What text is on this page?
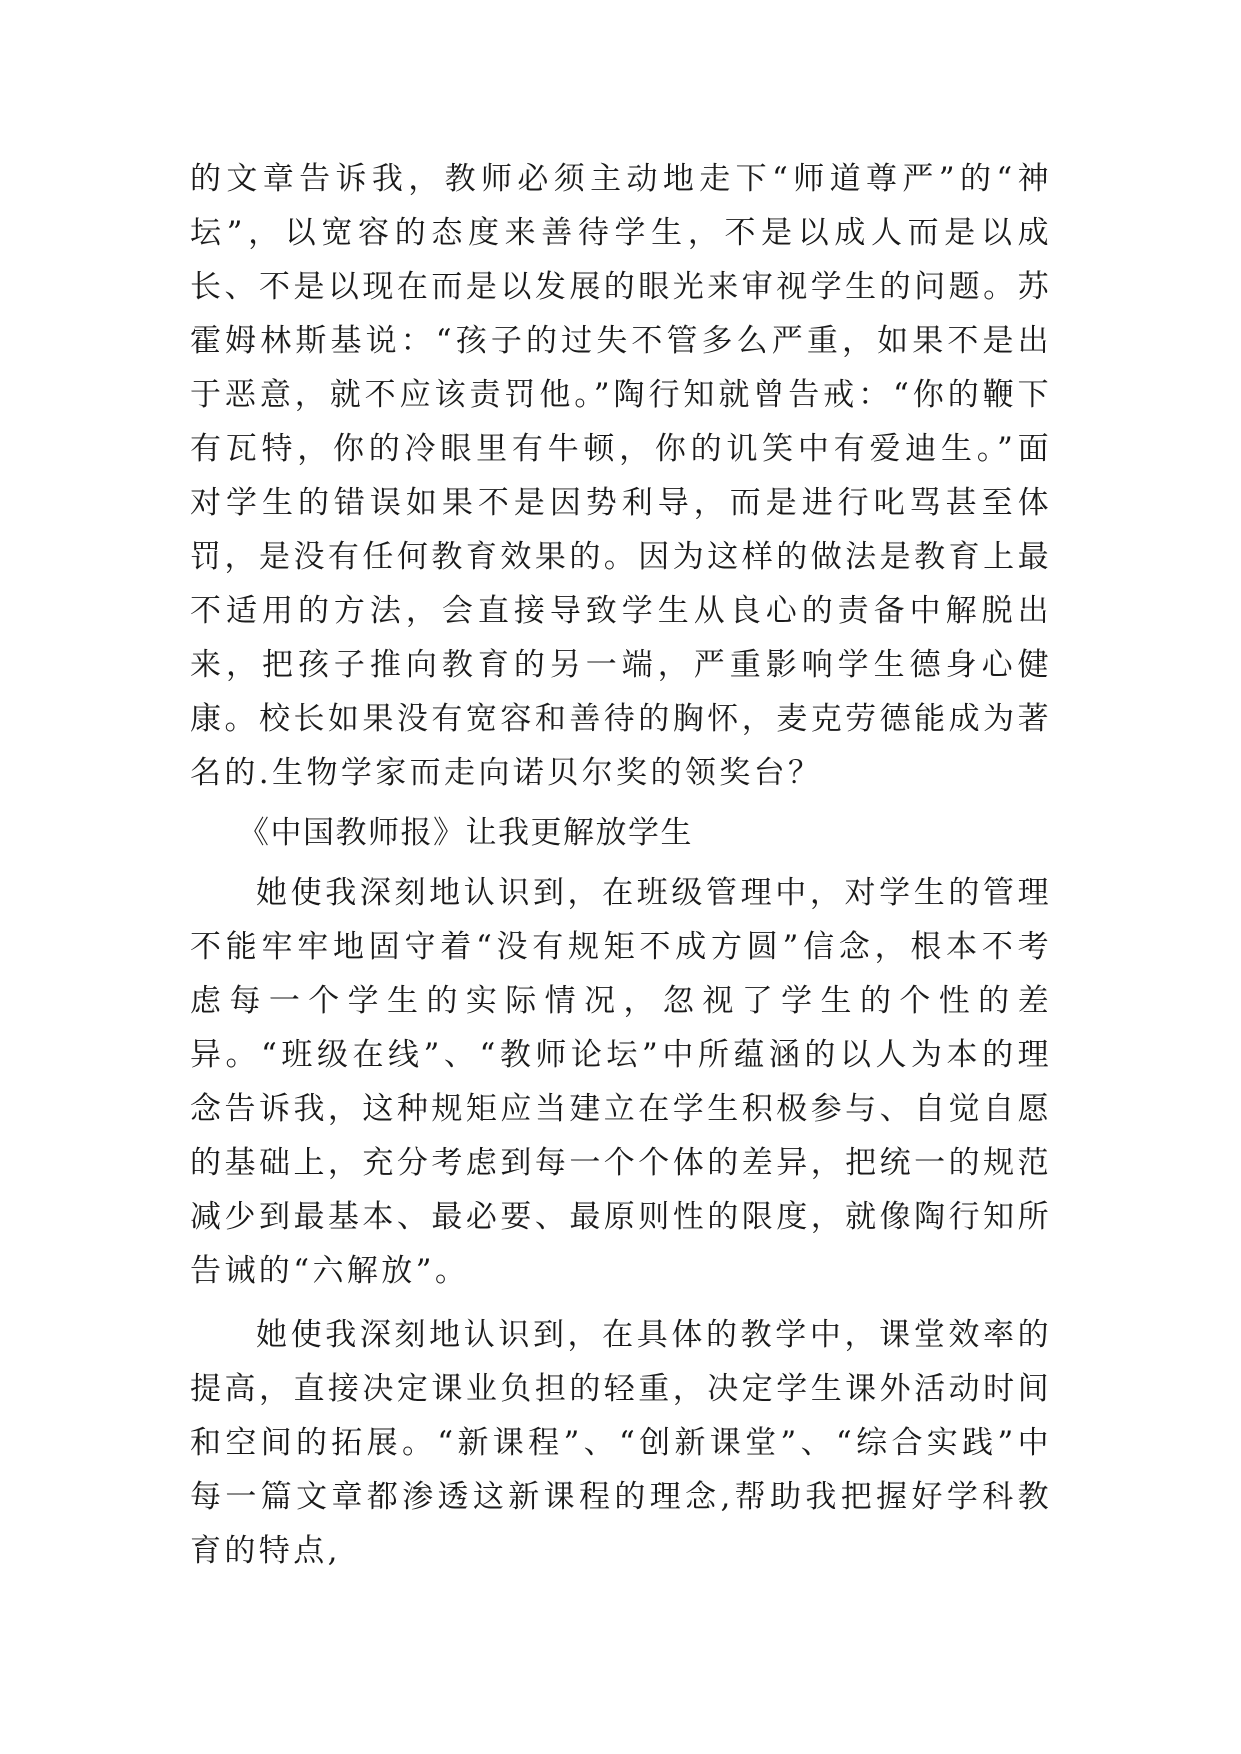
的文章告诉我，教师必须主动地走下“师道尊严”的“神坛”，以宽容的态度来善待学生，不是以成人而是以成长、不是以现在而是以发展的眼光来审视学生的问题。苏霍姆林斯基说：“孩子的过失不管多么严重，如果不是出于恶意，就不应该责罚他。”陶行知就曾告戒：“你的鞭下有瓦特，你的冷眼里有牛顿，你的讥笑中有爱迪生。”面对学生的错误如果不是因势利导，而是进行叱骂甚至体罚，是没有任何教育效果的。因为这样的做法是教育上最不适用的方法，会直接导致学生从良心的责备中解脱出来，把孩子推向教育的另一端，严重影响学生德身心健康。校长如果没有宽容和善待的胸怀，麦克劳德能成为著名的.生物学家而走向诺贝尔奖的领奖台？

《中国教师报》让我更解放学生

她使我深刻地认识到，在班级管理中，对学生的管理不能牢牢地固守着“没有规矩不成方圆”信念，根本不考虑每一个学生的实际情况，忽视了学生的个性的差异。“班级在线”、“教师论坛”中所蕴涵的以人为本的理念告诉我，这种规矩应当建立在学生积极参与、自觉自愿的基础上，充分考虑到每一个个体的差异，把统一的规范减少到最基本、最必要、最原则性的限度，就像陶行知所告诫的“六解放”。

她使我深刻地认识到，在具体的教学中，课堂效率的提高，直接决定课业负担的轻重，决定学生课外活动时间和空间的拓展。“新课程”、“创新课堂”、“综合实践”中每一篇文章都渗透这新课程的理念,帮助我把握好学科教育的特点,
